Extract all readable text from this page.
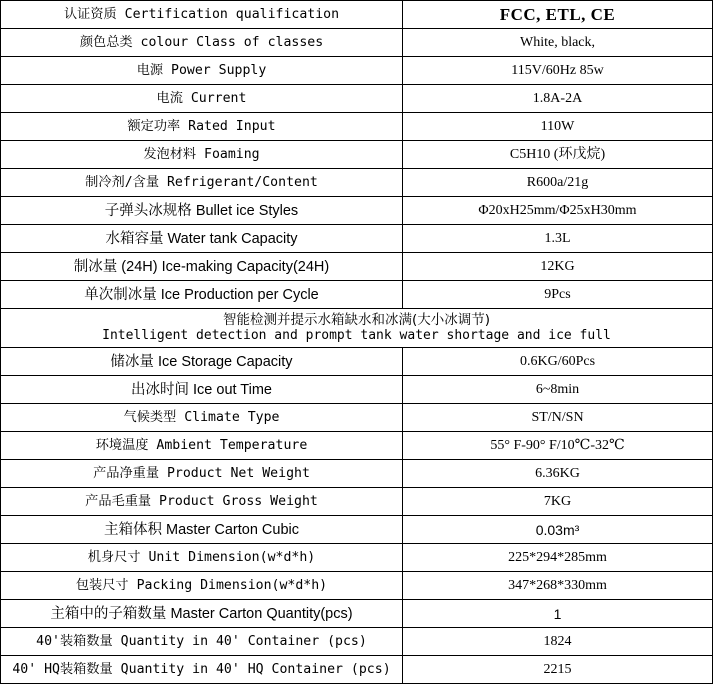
认证资质 Certification qualification	FCC, ETL, CE
颜色总类 colour Class of classes	White, black,
电源 Power Supply	115V/60Hz 85w
电流 Current	1.8A-2A
额定功率 Rated Input	110W
发泡材料 Foaming	C5H10 (环戊烷)
制冷剂/含量 Refrigerant/Content	R600a/21g
子弹头冰规格 Bullet ice Styles	Φ20xH25mm/Φ25xH30mm
水箱容量 Water tank Capacity	1.3L
制冰量 (24H) Ice-making Capacity(24H)	12KG
单次制冰量 Ice Production per Cycle	9Pcs

智能检测并提示水箱缺水和冰满(大小冰调节)
Intelligent detection and prompt tank water shortage and ice full	

储冰量 Ice Storage Capacity	0.6KG/60Pcs
出冰时间 Ice out Time	6~8min
气候类型 Climate Type	ST/N/SN
环境温度 Ambient Temperature	55° F-90° F/10℃-32℃
产品净重量 Product Net Weight	6.36KG
产品毛重量 Product Gross Weight	7KG
主箱体积 Master Carton Cubic	0.03m³
机身尺寸 Unit Dimension(w*d*h)	225*294*285mm
包装尺寸 Packing Dimension(w*d*h)	347*268*330mm
主箱中的子箱数量 Master Carton Quantity(pcs)	1
40'装箱数量 Quantity in 40' Container (pcs)	1824
40' HQ装箱数量 Quantity in 40' HQ Container (pcs)	2215
